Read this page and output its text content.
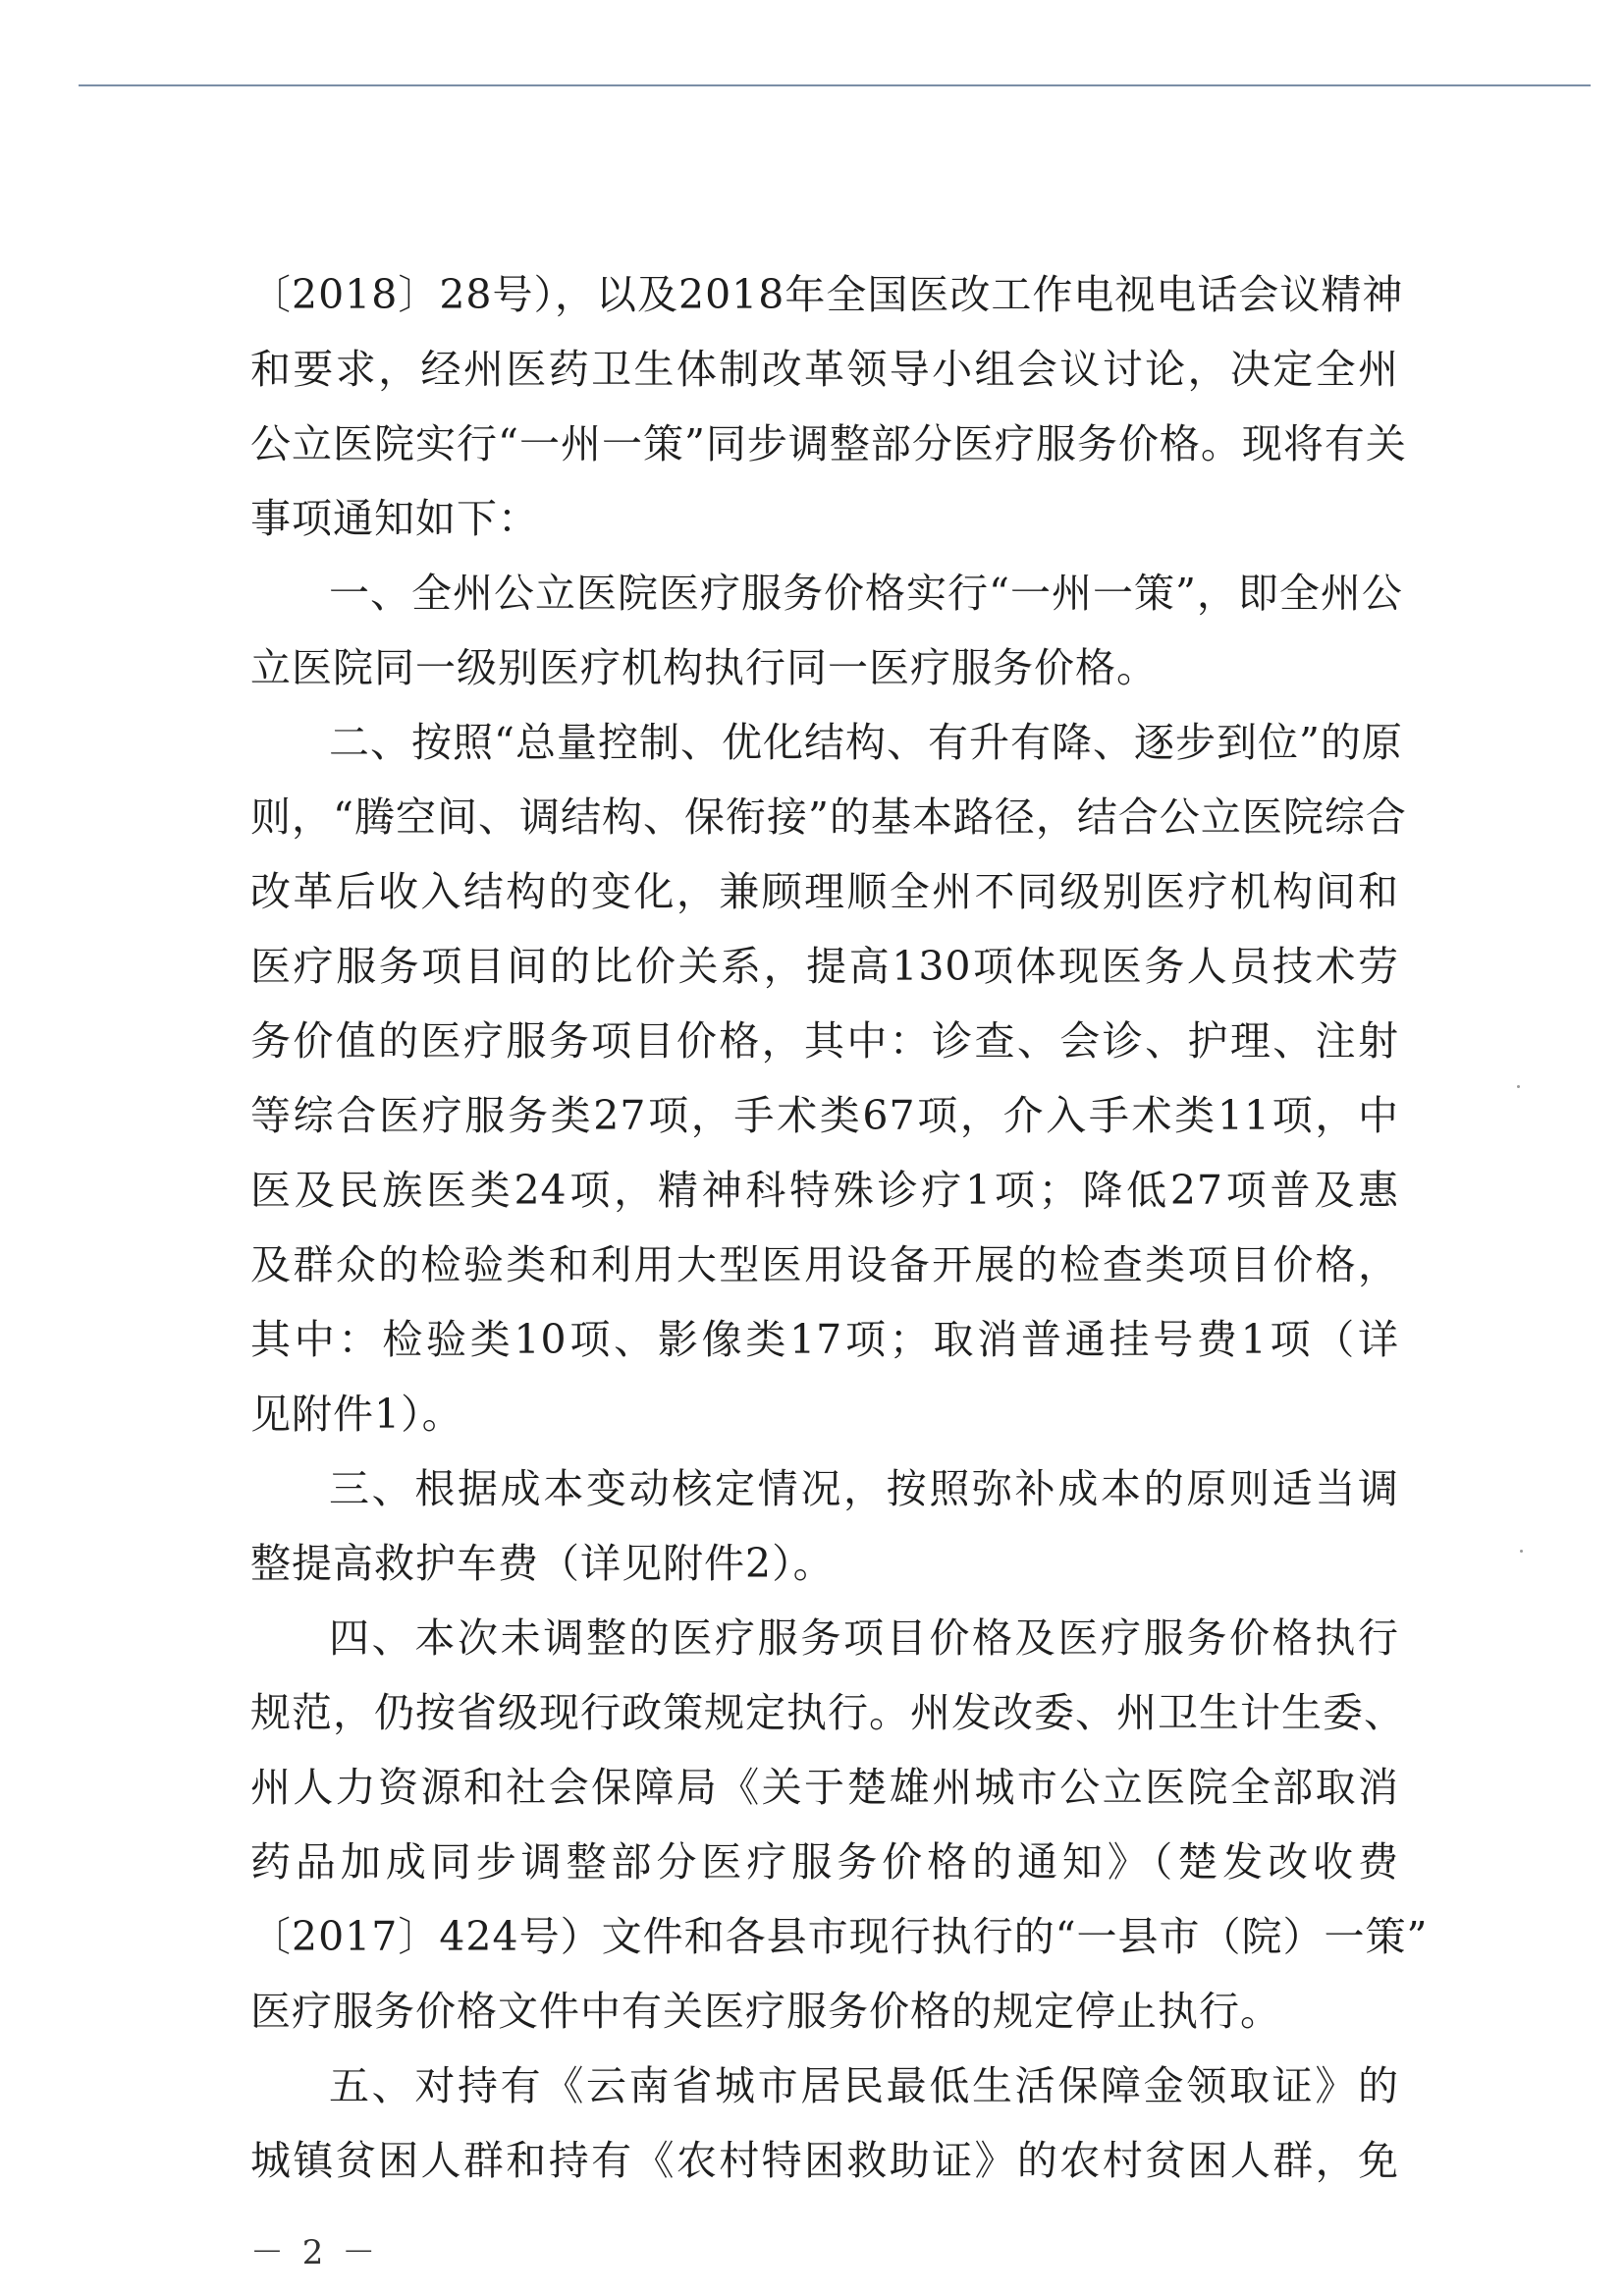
〔2018〕28号），以及2018年全国医改工作电视电话会议精神
和要求，经州医药卫生体制改革领导小组会议讨论，决定全州
公立医院实行“一州一策”同步调整部分医疗服务价格。现将有关
事项通知如下：
一、全州公立医院医疗服务价格实行“一州一策”，即全州公
立医院同一级别医疗机构执行同一医疗服务价格。
二、按照“总量控制、优化结构、有升有降、逐步到位”的原
则，“腾空间、调结构、保衔接”的基本路径，结合公立医院综合
改革后收入结构的变化，兼顾理顺全州不同级别医疗机构间和
医疗服务项目间的比价关系，提高130项体现医务人员技术劳
务价值的医疗服务项目价格，其中：诊查、会诊、护理、注射
等综合医疗服务类27项，手术类67项，介入手术类11项，中
医及民族医类24项，精神科特殊诊疗1项；降低27项普及惠
及群众的检验类和利用大型医用设备开展的检查类项目价格，
其中：检验类10项、影像类17项；取消普通挂号费1项（详
见附件1）。
三、根据成本变动核定情况，按照弥补成本的原则适当调
整提高救护车费（详见附件2）。
四、本次未调整的医疗服务项目价格及医疗服务价格执行
规范，仍按省级现行政策规定执行。州发改委、州卫生计生委、
州人力资源和社会保障局《关于楚雄州城市公立医院全部取消
药品加成同步调整部分医疗服务价格的通知》（楚发改收费
〔2017〕424号）文件和各县市现行执行的“一县市（院）一策”
医疗服务价格文件中有关医疗服务价格的规定停止执行。
五、对持有《云南省城市居民最低生活保障金领取证》的
城镇贫困人群和持有《农村特困救助证》的农村贫困人群，免
－ 2 －
